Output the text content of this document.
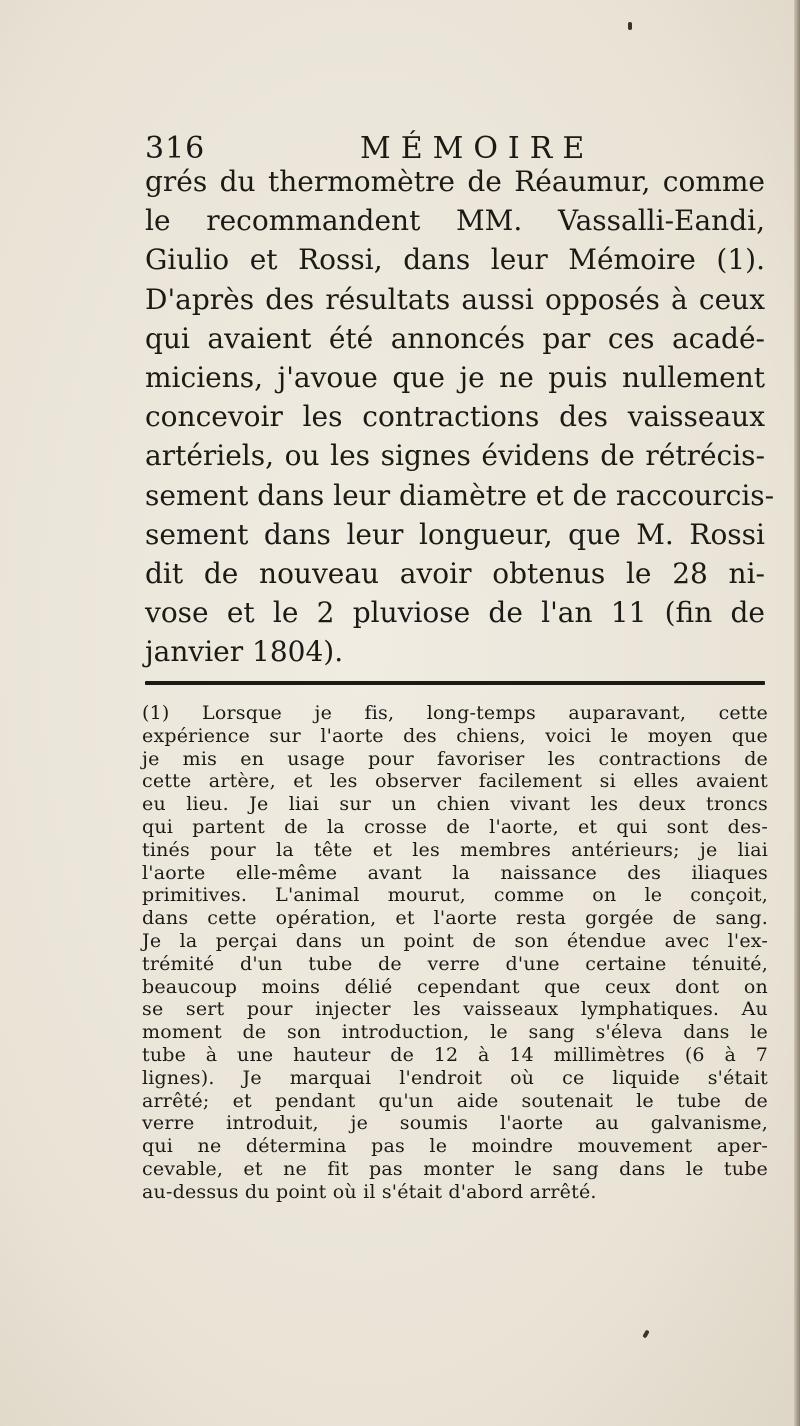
316	MÉMOIRE
grés du thermomètre de Réaumur, comme
le recommandent MM. Vassalli-Eandi,
Giulio et Rossi, dans leur Mémoire (1).
D'après des résultats aussi opposés à ceux
qui avaient été annoncés par ces acadé-
miciens, j'avoue que je ne puis nullement
concevoir les contractions des vaisseaux
artériels, ou les signes évidens de rétrécis-
sement dans leur diamètre et de raccourcis-
sement dans leur longueur, que M. Rossi
dit de nouveau avoir obtenus le 28 ni-
vose et le 2 pluviose de l'an 11 (fin de
janvier 1804).
(1) Lorsque je fis, long-temps auparavant, cette
expérience sur l'aorte des chiens, voici le moyen que
je mis en usage pour favoriser les contractions de
cette artère, et les observer facilement si elles avaient
eu lieu. Je liai sur un chien vivant les deux troncs
qui partent de la crosse de l'aorte, et qui sont des-
tinés pour la tête et les membres antérieurs; je liai
l'aorte elle-même avant la naissance des iliaques
primitives. L'animal mourut, comme on le conçoit,
dans cette opération, et l'aorte resta gorgée de sang.
Je la perçai dans un point de son étendue avec l'ex-
trémité d'un tube de verre d'une certaine ténuité,
beaucoup moins délié cependant que ceux dont on
se sert pour injecter les vaisseaux lymphatiques. Au
moment de son introduction, le sang s'éleva dans le
tube à une hauteur de 12 à 14 millimètres (6 à 7
lignes). Je marquai l'endroit où ce liquide s'était
arrêté; et pendant qu'un aide soutenait le tube de
verre introduit, je soumis l'aorte au galvanisme,
qui ne détermina pas le moindre mouvement aper-
cevable, et ne fit pas monter le sang dans le tube
au-dessus du point où il s'était d'abord arrêté.
